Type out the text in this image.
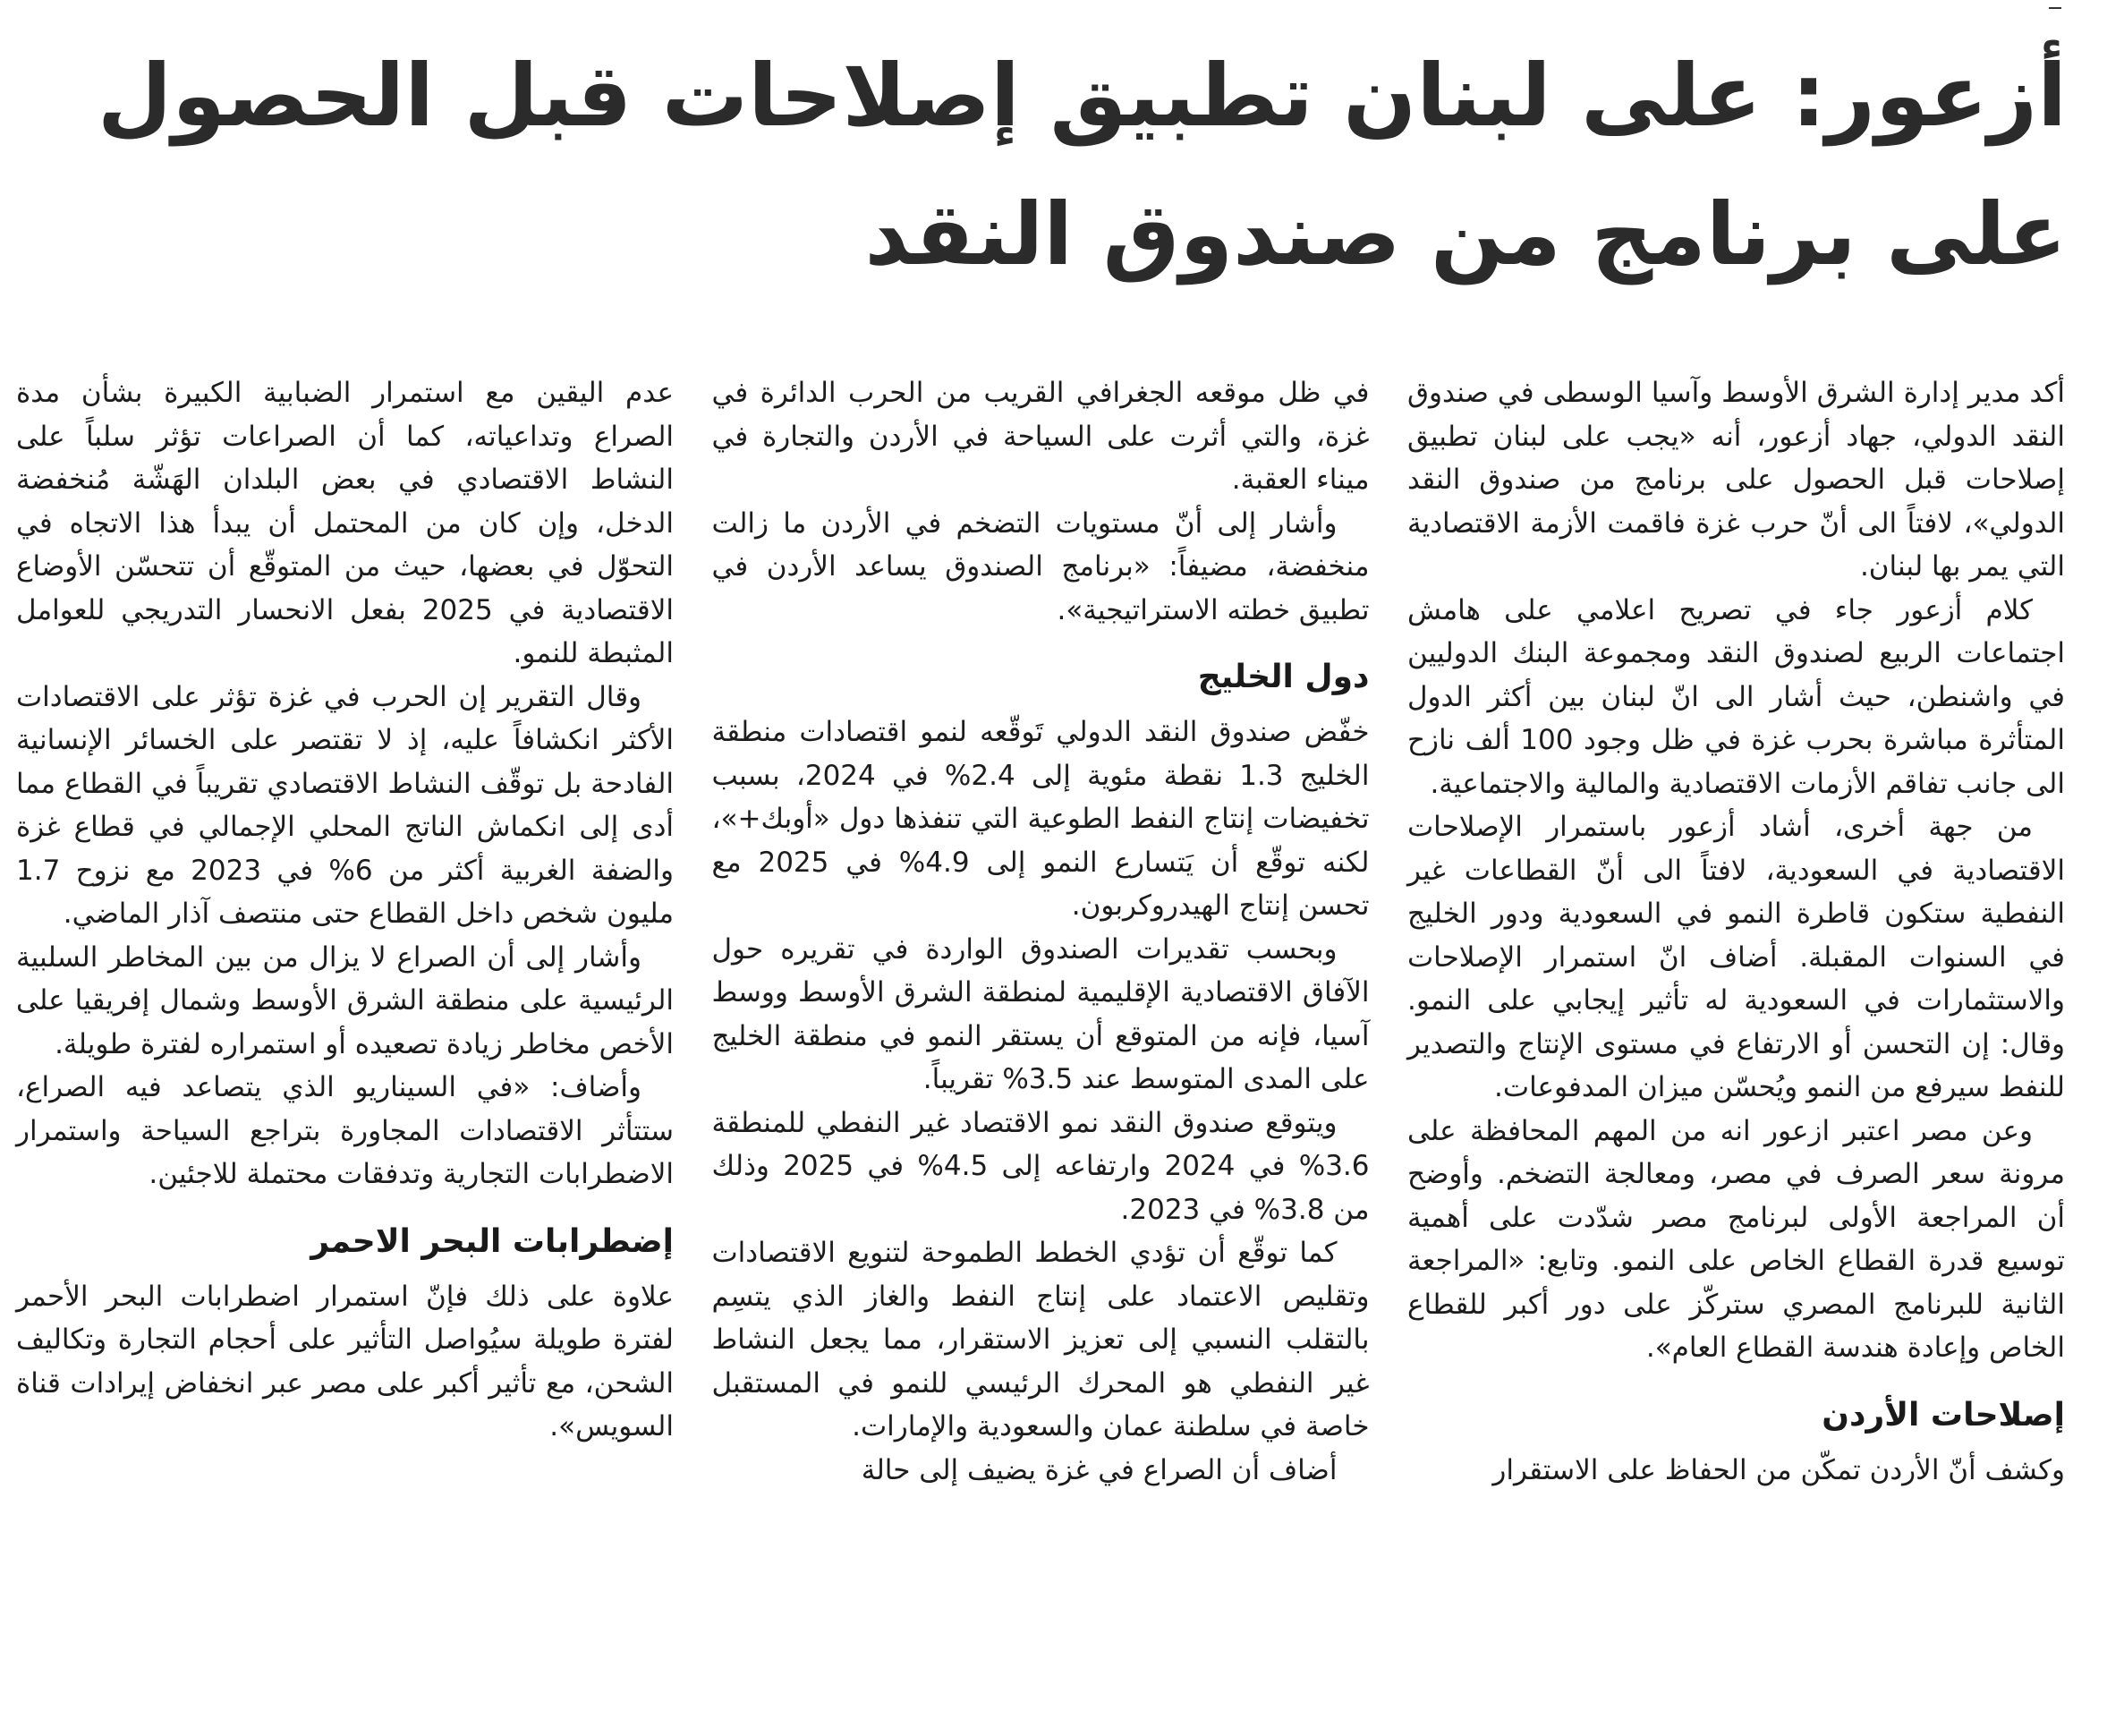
أزعور: على لبنان تطبيق إصلاحات قبل الحصول
على برنامج من صندوق النقد

أكد مدير إدارة الشرق الأوسط وآسيا الوسطى في صندوق النقد الدولي، جهاد أزعور، أنه «يجب على لبنان تطبيق إصلاحات قبل الحصول على برنامج من صندوق النقد الدولي»، لافتاً الى أنّ حرب غزة فاقمت الأزمة الاقتصادية التي يمر بها لبنان.

كلام أزعور جاء في تصريح اعلامي على هامش اجتماعات الربيع لصندوق النقد ومجموعة البنك الدوليين في واشنطن، حيث أشار الى انّ لبنان بين أكثر الدول المتأثرة مباشرة بحرب غزة في ظل وجود 100 ألف نازح الى جانب تفاقم الأزمات الاقتصادية والمالية والاجتماعية.

من جهة أخرى، أشاد أزعور باستمرار الإصلاحات الاقتصادية في السعودية، لافتاً الى أنّ القطاعات غير النفطية ستكون قاطرة النمو في السعودية ودور الخليج في السنوات المقبلة. أضاف انّ استمرار الإصلاحات والاستثمارات في السعودية له تأثير إيجابي على النمو. وقال: إن التحسن أو الارتفاع في مستوى الإنتاج والتصدير للنفط سيرفع من النمو ويُحسّن ميزان المدفوعات.

وعن مصر اعتبر ازعور انه من المهم المحافظة على مرونة سعر الصرف في مصر، ومعالجة التضخم. وأوضح أن المراجعة الأولى لبرنامج مصر شدّدت على أهمية توسيع قدرة القطاع الخاص على النمو. وتابع: «المراجعة الثانية للبرنامج المصري ستركّز على دور أكبر للقطاع الخاص وإعادة هندسة القطاع العام».

إصلاحات الأردن

وكشف أنّ الأردن تمكّن من الحفاظ على الاستقرار

في ظل موقعه الجغرافي القريب من الحرب الدائرة في غزة، والتي أثرت على السياحة في الأردن والتجارة في ميناء العقبة.

وأشار إلى أنّ مستويات التضخم في الأردن ما زالت منخفضة، مضيفاً: «برنامج الصندوق يساعد الأردن في تطبيق خطته الاستراتيجية».

دول الخليج

خفّض صندوق النقد الدولي تَوقّعه لنمو اقتصادات منطقة الخليج 1.3 نقطة مئوية إلى 2.4% في 2024، بسبب تخفيضات إنتاج النفط الطوعية التي تنفذها دول «أوبك+»، لكنه توقّع أن يَتسارع النمو إلى 4.9% في 2025 مع تحسن إنتاج الهيدروكربون.

وبحسب تقديرات الصندوق الواردة في تقريره حول الآفاق الاقتصادية الإقليمية لمنطقة الشرق الأوسط ووسط آسيا، فإنه من المتوقع أن يستقر النمو في منطقة الخليج على المدى المتوسط عند 3.5% تقريباً.

ويتوقع صندوق النقد نمو الاقتصاد غير النفطي للمنطقة 3.6% في 2024 وارتفاعه إلى 4.5% في 2025 وذلك من 3.8% في 2023.

كما توقّع أن تؤدي الخطط الطموحة لتنويع الاقتصادات وتقليص الاعتماد على إنتاج النفط والغاز الذي يتسِم بالتقلب النسبي إلى تعزيز الاستقرار، مما يجعل النشاط غير النفطي هو المحرك الرئيسي للنمو في المستقبل خاصة في سلطنة عمان والسعودية والإمارات.

أضاف أن الصراع في غزة يضيف إلى حالة

عدم اليقين مع استمرار الضبابية الكبيرة بشأن مدة الصراع وتداعياته، كما أن الصراعات تؤثر سلباً على النشاط الاقتصادي في بعض البلدان الهَشّة مُنخفضة الدخل، وإن كان من المحتمل أن يبدأ هذا الاتجاه في التحوّل في بعضها، حيث من المتوقّع أن تتحسّن الأوضاع الاقتصادية في 2025 بفعل الانحسار التدريجي للعوامل المثبطة للنمو.

وقال التقرير إن الحرب في غزة تؤثر على الاقتصادات الأكثر انكشافاً عليه، إذ لا تقتصر على الخسائر الإنسانية الفادحة بل توقّف النشاط الاقتصادي تقريباً في القطاع مما أدى إلى انكماش الناتج المحلي الإجمالي في قطاع غزة والضفة الغربية أكثر من 6% في 2023 مع نزوح 1.7 مليون شخص داخل القطاع حتى منتصف آذار الماضي.

وأشار إلى أن الصراع لا يزال من بين المخاطر السلبية الرئيسية على منطقة الشرق الأوسط وشمال إفريقيا على الأخص مخاطر زيادة تصعيده أو استمراره لفترة طويلة.

وأضاف: «في السيناريو الذي يتصاعد فيه الصراع، ستتأثر الاقتصادات المجاورة بتراجع السياحة واستمرار الاضطرابات التجارية وتدفقات محتملة للاجئين.

إضطرابات البحر الاحمر

علاوة على ذلك فإنّ استمرار اضطرابات البحر الأحمر لفترة طويلة سيُواصل التأثير على أحجام التجارة وتكاليف الشحن، مع تأثير أكبر على مصر عبر انخفاض إيرادات قناة السويس».
